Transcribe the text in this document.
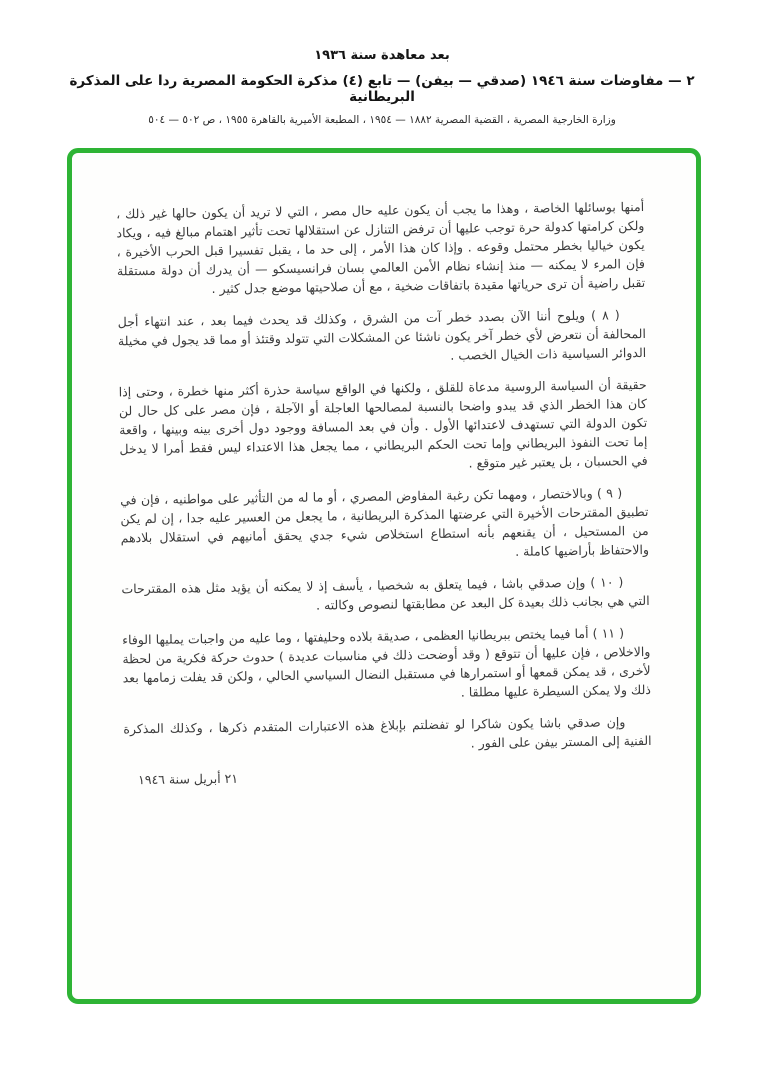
بعد معاهدة سنة ١٩٣٦
٢ — مفاوضات سنة ١٩٤٦ (صدقي — بيفن) — تابع (٤) مذكرة الحكومة المصرية ردا على المذكرة البريطانية
وزارة الخارجية المصرية ، القضية المصرية ١٨٨٢ — ١٩٥٤ ، المطبعة الأميرية بالقاهرة ١٩٥٥ ، ص ٥٠٢ — ٥٠٤

أمنها بوسائلها الخاصة ، وهذا ما يجب أن يكون عليه حال مصر ، التي لا تريد أن يكون حالها غير ذلك ، ولكن كرامتها كدولة حرة توجب عليها أن ترفض التنازل عن استقلالها تحت تأثير اهتمام مبالغ فيه ، ويكاد يكون خياليا بخطر محتمل وقوعه . وإذا كان هذا الأمر ، إلى حد ما ، يقبل تفسيرا قبل الحرب الأخيرة ، فإن المرء لا يمكنه — منذ إنشاء نظام الأمن العالمي بسان فرانسيسكو — أن يدرك أن دولة مستقلة تقبل راضية أن ترى حرياتها مقيدة باتفاقات ضخية ، مع أن صلاحيتها موضع جدل كثير .

( ٨ ) ويلوح أننا الآن بصدد خطر آت من الشرق ، وكذلك قد يحدث فيما بعد ، عند انتهاء أجل المحالفة أن نتعرض لأي خطر آخر يكون ناشئا عن المشكلات التي تتولد وقتئذ أو مما قد يجول في مخيلة الدوائر السياسية ذات الخيال الخصب .

حقيقة أن السياسة الروسية مدعاة للقلق ، ولكنها في الواقع سياسة حذرة أكثر منها خطرة ، وحتى إذا كان هذا الخطر الذي قد يبدو واضحا بالنسبة لمصالحها العاجلة أو الآجلة ، فإن مصر على كل حال لن تكون الدولة التي تستهدف لاعتدائها الأول . وأن في بعد المسافة ووجود دول أخرى بينه وبينها ، واقعة إما تحت النفوذ البريطاني وإما تحت الحكم البريطاني ، مما يجعل هذا الاعتداء ليس فقط أمرا لا يدخل في الحسبان ، بل يعتبر غير متوقع .

( ٩ ) وبالاختصار ، ومهما تكن رغبة المفاوض المصري ، أو ما له من التأثير على مواطنيه ، فإن في تطبيق المقترحات الأخيرة التي عرضتها المذكرة البريطانية ، ما يجعل من العسير عليه جدا ، إن لم يكن من المستحيل ، أن يقنعهم بأنه استطاع استخلاص شيء جدي يحقق أمانيهم في استقلال بلادهم والاحتفاظ بأراضيها كاملة .

( ١٠ ) وإن صدقي باشا ، فيما يتعلق به شخصيا ، يأسف إذ لا يمكنه أن يؤيد مثل هذه المقترحات التي هي بجانب ذلك بعيدة كل البعد عن مطابقتها لنصوص وكالته .

( ١١ ) أما فيما يختص ببريطانيا العظمى ، صديقة بلاده وحليفتها ، وما عليه من واجبات يمليها الوفاء والاخلاص ، فإن عليها أن تتوقع ( وقد أوضحت ذلك في مناسبات عديدة ) حدوث حركة فكرية من لحظة لأخرى ، قد يمكن قمعها أو استمرارها في مستقبل النضال السياسي الحالي ، ولكن قد يفلت زمامها بعد ذلك ولا يمكن السيطرة عليها مطلقا .

وإن صدقي باشا يكون شاكرا لو تفضلتم بإبلاغ هذه الاعتبارات المتقدم ذكرها ، وكذلك المذكرة الفنية إلى المستر بيفن على الفور .

٢١ أبريل سنة ١٩٤٦
